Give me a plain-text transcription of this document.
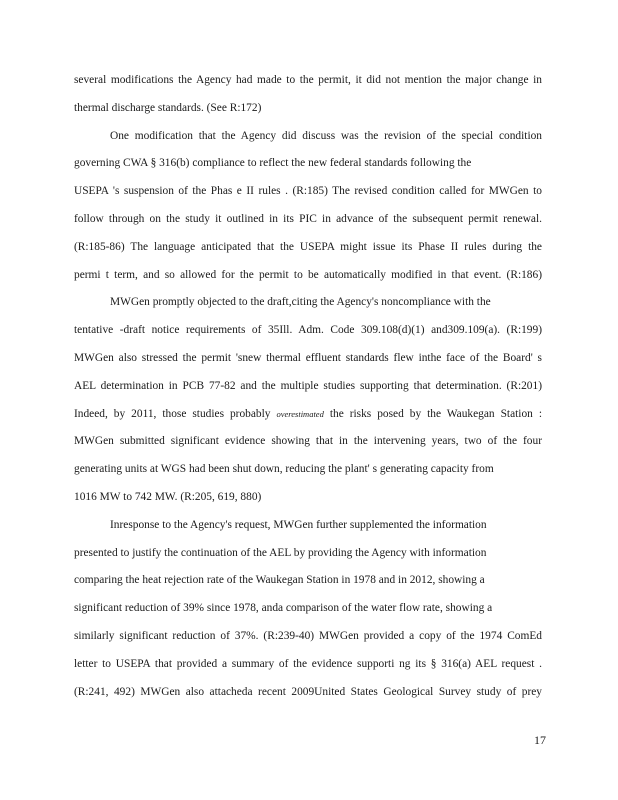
several modifications the Agency had made to the permit, it did not mention the major change in
thermal discharge standards. (See R:172)
One modification that the Agency did discuss was the revision of the special condition
governing CWA § 316(b) compliance to reflect the new federal standards following the
USEPA 's suspension of the Phas e II rules . (R:185) The revised condition called for MWGen to
follow through on the study it outlined in its PIC in advance of the subsequent permit renewal.
(R:185-86) The language anticipated that the USEPA might issue its Phase II rules during the
permi t term, and so allowed for the permit to be automatically modified in that event. (R:186)
MWGen promptly objected to the draft,citing the Agency's noncompliance with the
tentative -draft notice requirements of 35Ill. Adm. Code 309.108(d)(1) and309.109(a). (R:199)
MWGen also stressed the permit 'snew thermal effluent standards flew inthe face of the Board' s
AEL determination in PCB 77-82 and the multiple studies supporting that determination. (R:201)
Indeed, by 2011, those studies probably overestimated the risks posed by the Waukegan Station :
MWGen submitted significant evidence showing that in the intervening years, two of the four
generating units at WGS had been shut down, reducing the plant' s generating capacity from
1016 MW to 742 MW. (R:205, 619, 880)
Inresponse to the Agency's request, MWGen further supplemented the information
presented to justify the continuation of the AEL by providing the Agency with information
comparing the heat rejection rate of the Waukegan Station in 1978 and in 2012, showing a
significant reduction of 39% since 1978, anda comparison of the water flow rate, showing a
similarly significant reduction of 37%. (R:239-40) MWGen provided a copy of the 1974 ComEd
letter to USEPA that provided a summary of the evidence supporti ng its § 316(a) AEL request .
(R:241, 492) MWGen also attacheda recent 2009United States Geological Survey study of prey
17
